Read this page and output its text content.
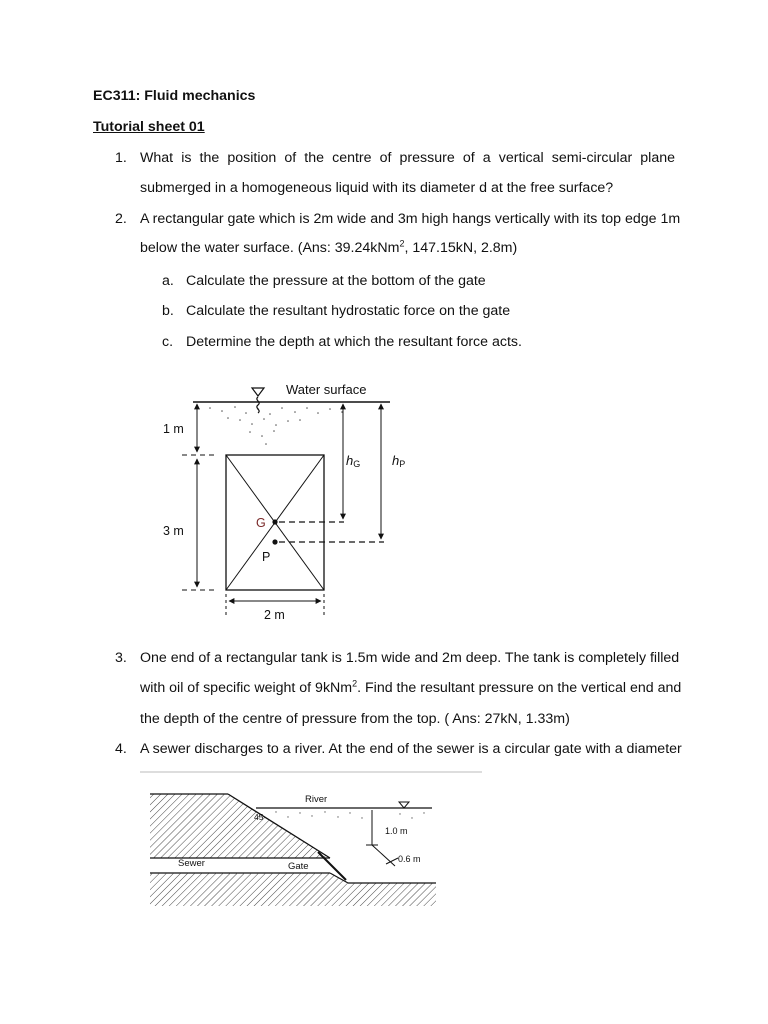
EC311: Fluid mechanics
Tutorial sheet 01
1. What is the position of the centre of pressure of a vertical semi-circular plane
submerged in a homogeneous liquid with its diameter d at the free surface?
2. A rectangular gate which is 2m wide and 3m high hangs vertically with its top edge 1m
below the water surface. (Ans: 39.24kNm$^2$, 147.15kN, 2.8m)
a. Calculate the pressure at the bottom of the gate
b. Calculate the resultant hydrostatic force on the gate
c. Determine the depth at which the resultant force acts.
Water surface
1 m
3 m
G
P
hG hP
2 m
3. One end of a rectangular tank is 1.5m wide and 2m deep. The tank is completely filled
with oil of specific weight of 9kNm$^2$. Find the resultant pressure on the vertical end and
the depth of the centre of pressure from the top. ( Ans: 27kN, 1.33m)
4. A sewer discharges to a river. At the end of the sewer is a circular gate with a diameter
River
45
1.0 m
0.6 m
Sewer	Gate
